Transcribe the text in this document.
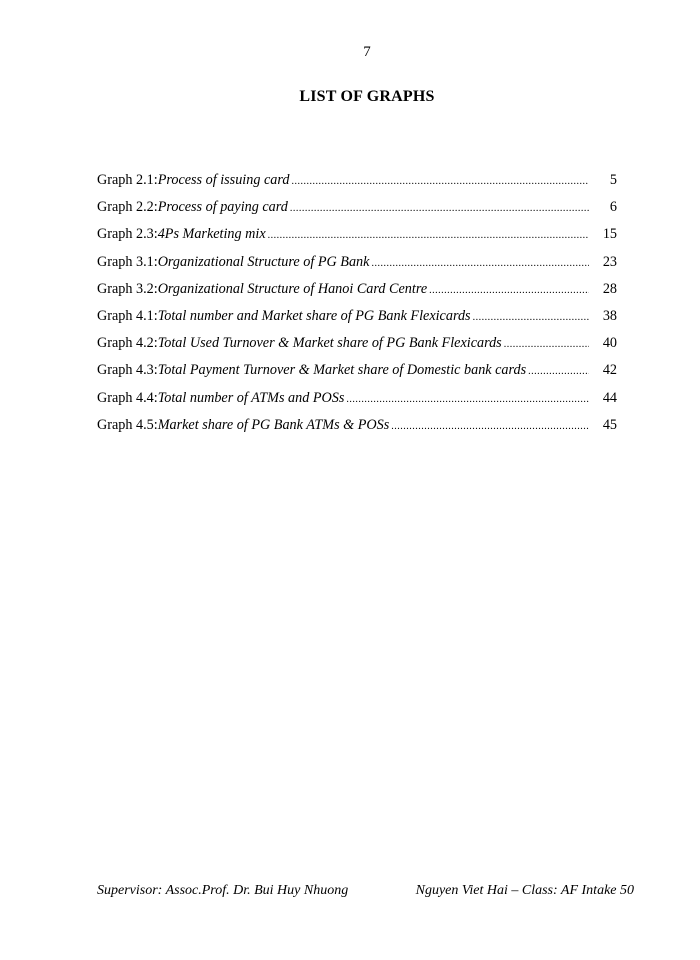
7
LIST OF GRAPHS
Graph 2.1: Process of issuing card .....	5
Graph 2.2: Process of paying card .....	6
Graph 2.3: 4Ps Marketing mix .....	15
Graph 3.1: Organizational Structure of PG Bank .....	23
Graph 3.2: Organizational Structure of Hanoi Card Centre .....	28
Graph 4.1: Total number and Market share of PG Bank Flexicards .....	38
Graph 4.2: Total Used Turnover & Market share of PG Bank Flexicards .....	40
Graph 4.3: Total Payment Turnover & Market share of Domestic bank cards .....	42
Graph 4.4: Total number of ATMs and POSs .....	44
Graph 4.5: Market share of PG Bank ATMs & POSs .....	45
Supervisor: Assoc.Prof. Dr. Bui Huy Nhuong	Nguyen Viet Hai – Class: AF Intake 50
